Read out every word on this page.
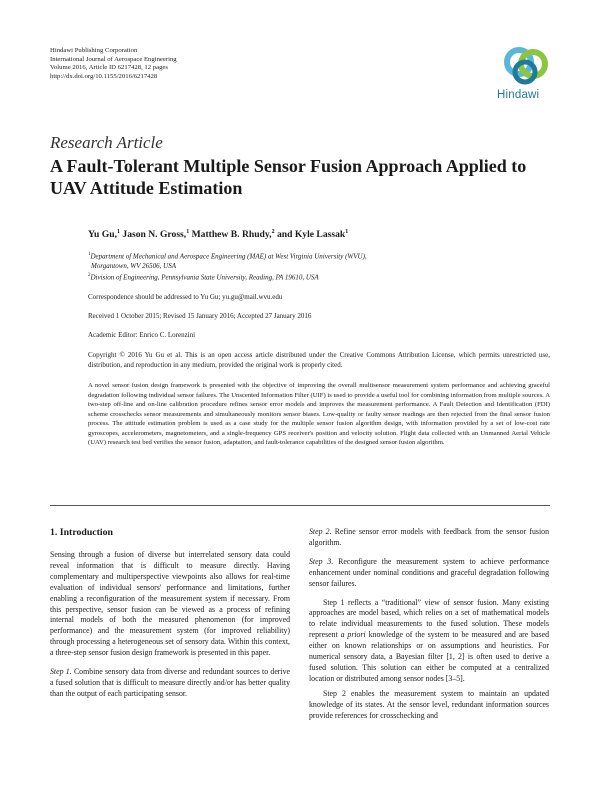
Hindawi Publishing Corporation
International Journal of Aerospace Engineering
Volume 2016, Article ID 6217428, 12 pages
http://dx.doi.org/10.1155/2016/6217428
Hindawi
Research Article
A Fault-Tolerant Multiple Sensor Fusion Approach Applied to UAV Attitude Estimation
Yu Gu,$^1$ Jason N. Gross,$^1$ Matthew B. Rhudy,$^2$ and Kyle Lassak$^1$
$^1$Department of Mechanical and Aerospace Engineering (MAE) at West Virginia University (WVU),
Morgantown, WV 26506, USA
$^2$Division of Engineering, Pennsylvania State University, Reading, PA 19610, USA
Correspondence should be addressed to Yu Gu; yu.gu@mail.wvu.edu
Received 1 October 2015; Revised 15 January 2016; Accepted 27 January 2016
Academic Editor: Enrico C. Lorenzini
Copyright © 2016 Yu Gu et al. This is an open access article distributed under the Creative Commons Attribution License, which permits unrestricted use, distribution, and reproduction in any medium, provided the original work is properly cited.
A novel sensor fusion design framework is presented with the objective of improving the overall multisensor measurement system performance and achieving graceful degradation following individual sensor failures. The Unscented Information Filter (UIF) is used to provide a useful tool for combining information from multiple sources. A two-step off-line and on-line calibration procedure refines sensor error models and improves the measurement performance. A Fault Detection and Identification (FDI) scheme crosschecks sensor measurements and simultaneously monitors sensor biases. Low-quality or faulty sensor readings are then rejected from the final sensor fusion process. The attitude estimation problem is used as a case study for the multiple sensor fusion algorithm design, with information provided by a set of low-cost rate gyroscopes, accelerometers, magnetometers, and a single-frequency GPS receiver's position and velocity solution. Flight data collected with an Unmanned Aerial Vehicle (UAV) research test bed verifies the sensor fusion, adaptation, and fault-tolerance capabilities of the designed sensor fusion algorithm.
1. Introduction

Sensing through a fusion of diverse but interrelated sensory data could reveal information that is difficult to measure directly. Having complementary and multiperspective viewpoints also allows for real-time evaluation of individual sensors' performance and limitations, further enabling a reconfiguration of the measurement system if necessary. From this perspective, sensor fusion can be viewed as a process of refining internal models of both the measured phenomenon (for improved performance) and the measurement system (for improved reliability) through processing a heterogeneous set of sensory data. Within this context, a three-step sensor fusion design framework is presented in this paper.

Step 1. Combine sensory data from diverse and redundant sources to derive a fused solution that is difficult to measure directly and/or has better quality than the output of each participating sensor.

Step 2. Refine sensor error models with feedback from the sensor fusion algorithm.

Step 3. Reconfigure the measurement system to achieve performance enhancement under nominal conditions and graceful degradation following sensor failures.

Step 1 reflects a “traditional” view of sensor fusion. Many existing approaches are model based, which relies on a set of mathematical models to relate individual measurements to the fused solution. These models represent a priori knowledge of the system to be measured and are based either on known relationships or on assumptions and heuristics. For numerical sensory data, a Bayesian filter [1, 2] is often used to derive a fused solution. This solution can either be computed at a centralized location or distributed among sensor nodes [3–5].

Step 2 enables the measurement system to maintain an updated knowledge of its states. At the sensor level, redundant information sources provide references for crosschecking and
